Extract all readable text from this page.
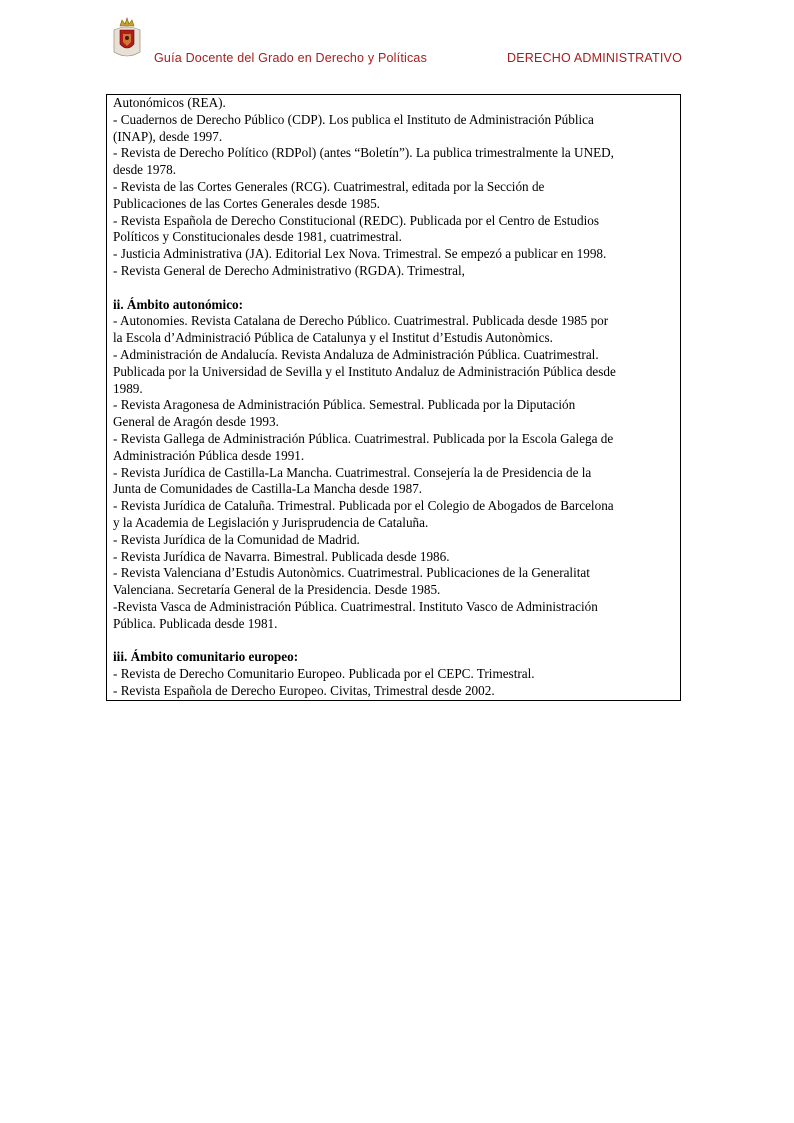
Guía Docente del Grado en Derecho y Políticas	DERECHO ADMINISTRATIVO
Autonómicos (REA).
- Cuadernos de Derecho Público (CDP). Los publica el Instituto de Administración Pública
(INAP), desde 1997.
- Revista de Derecho Político (RDPol) (antes “Boletín”). La publica trimestralmente la UNED,
desde 1978.
- Revista de las Cortes Generales (RCG). Cuatrimestral, editada por la Sección de
Publicaciones de las Cortes Generales desde 1985.
- Revista Española de Derecho Constitucional (REDC). Publicada por el Centro de Estudios
Políticos y Constitucionales desde 1981, cuatrimestral.
- Justicia Administrativa (JA). Editorial Lex Nova. Trimestral. Se empezó a publicar en 1998.
- Revista General de Derecho Administrativo (RGDA). Trimestral,
ii. Ámbito autonómico:
- Autonomies. Revista Catalana de Derecho Público. Cuatrimestral. Publicada desde 1985 por
la Escola d’Administració Pública de Catalunya y el Institut d’Estudis Autonòmics.
- Administración de Andalucía. Revista Andaluza de Administración Pública. Cuatrimestral.
Publicada por la Universidad de Sevilla y el Instituto Andaluz de Administración Pública desde
1989.
- Revista Aragonesa de Administración Pública. Semestral. Publicada por la Diputación
General de Aragón desde 1993.
- Revista Gallega de Administración Pública. Cuatrimestral. Publicada por la Escola Galega de
Administración Pública desde 1991.
- Revista Jurídica de Castilla-La Mancha. Cuatrimestral. Consejería la de Presidencia de la
Junta de Comunidades de Castilla-La Mancha desde 1987.
- Revista Jurídica de Cataluña. Trimestral. Publicada por el Colegio de Abogados de Barcelona
y la Academia de Legislación y Jurisprudencia de Cataluña.
- Revista Jurídica de la Comunidad de Madrid.
- Revista Jurídica de Navarra. Bimestral. Publicada desde 1986.
- Revista Valenciana d’Estudis Autonòmics. Cuatrimestral. Publicaciones de la Generalitat
Valenciana. Secretaría General de la Presidencia. Desde 1985.
-Revista Vasca de Administración Pública. Cuatrimestral. Instituto Vasco de Administración
Pública. Publicada desde 1981.
iii. Ámbito comunitario europeo:
- Revista de Derecho Comunitario Europeo. Publicada por el CEPC. Trimestral.
- Revista Española de Derecho Europeo. Civitas, Trimestral desde 2002.
